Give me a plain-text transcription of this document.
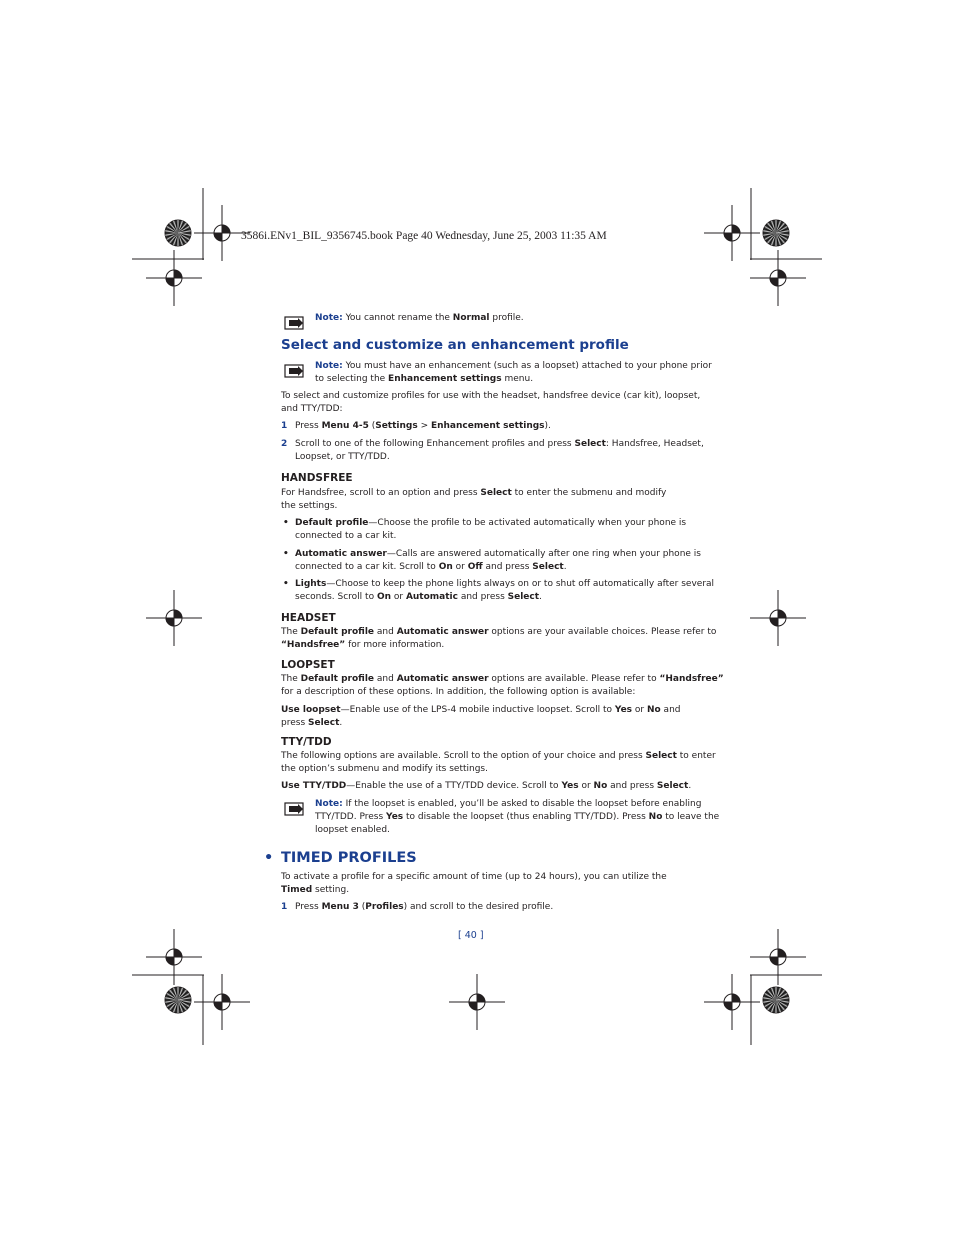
3586i.ENv1_BIL_9356745.book Page 40 Wednesday, June 25, 2003 11:35 AM
Note: You cannot rename the Normal profile.
Select and customize an enhancement profile
Note: You must have an enhancement (such as a loopset) attached to your phone prior
to selecting the Enhancement settings menu.
To select and customize profiles for use with the headset, handsfree device (car kit), loopset,
and TTY/TDD:
1 Press Menu 4-5 (Settings > Enhancement settings).
2 Scroll to one of the following Enhancement profiles and press Select: Handsfree, Headset,
Loopset, or TTY/TDD.
HANDSFREE
For Handsfree, scroll to an option and press Select to enter the submenu and modify
the settings.
• Default profile—Choose the profile to be activated automatically when your phone is
connected to a car kit.
• Automatic answer—Calls are answered automatically after one ring when your phone is
connected to a car kit. Scroll to On or Off and press Select.
• Lights—Choose to keep the phone lights always on or to shut off automatically after several
seconds. Scroll to On or Automatic and press Select.
HEADSET
The Default profile and Automatic answer options are your available choices. Please refer to
“Handsfree” for more information.
LOOPSET
The Default profile and Automatic answer options are available. Please refer to “Handsfree”
for a description of these options. In addition, the following option is available:
Use loopset—Enable use of the LPS-4 mobile inductive loopset. Scroll to Yes or No and
press Select.
TTY/TDD
The following options are available. Scroll to the option of your choice and press Select to enter
the option’s submenu and modify its settings.
Use TTY/TDD—Enable the use of a TTY/TDD device. Scroll to Yes or No and press Select.
Note: If the loopset is enabled, you’ll be asked to disable the loopset before enabling
TTY/TDD. Press Yes to disable the loopset (thus enabling TTY/TDD). Press No to leave the
loopset enabled.
• TIMED PROFILES
To activate a profile for a specific amount of time (up to 24 hours), you can utilize the
Timed setting.
1 Press Menu 3 (Profiles) and scroll to the desired profile.
[ 40 ]
